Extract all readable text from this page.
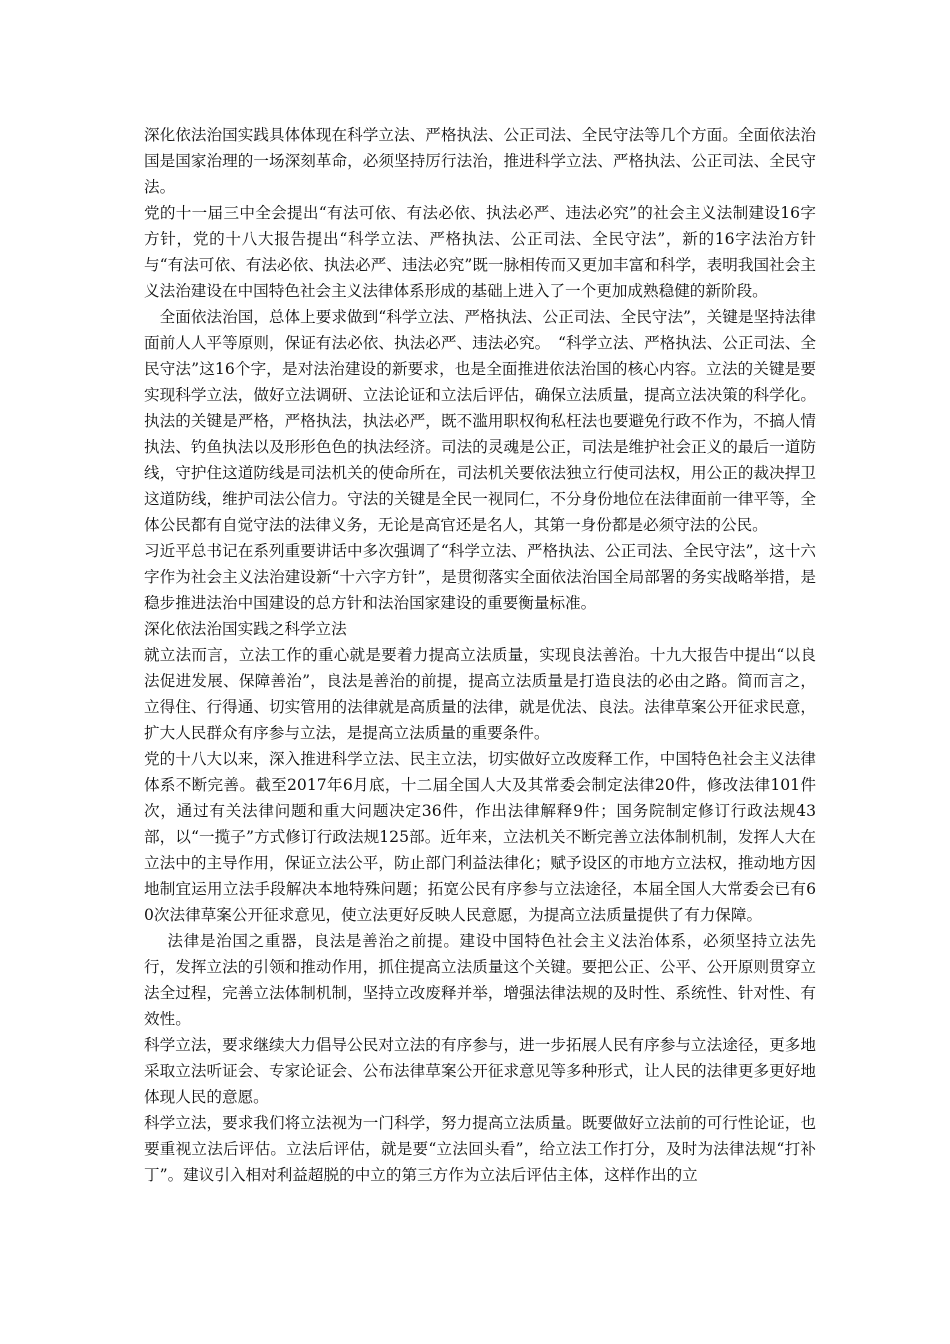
深化依法治国实践具体体现在科学立法、严格执法、公正司法、全民守法等几个方面。全面依法治国是国家治理的一场深刻革命，必须坚持厉行法治，推进科学立法、严格执法、公正司法、全民守法。

党的十一届三中全会提出“有法可依、有法必依、执法必严、违法必究”的社会主义法制建设16字方针，党的十八大报告提出“科学立法、严格执法、公正司法、全民守法”，新的16字法治方针与“有法可依、有法必依、执法必严、违法必究”既一脉相传而又更加丰富和科学，表明我国社会主义法治建设在中国特色社会主义法律体系形成的基础上进入了一个更加成熟稳健的新阶段。

全面依法治国，总体上要求做到“科学立法、严格执法、公正司法、全民守法”，关键是坚持法律面前人人平等原则，保证有法必依、执法必严、违法必究。　“科学立法、严格执法、公正司法、全民守法”这16个字，是对法治建设的新要求，也是全面推进依法治国的核心内容。立法的关键是要实现科学立法，做好立法调研、立法论证和立法后评估，确保立法质量，提高立法决策的科学化。执法的关键是严格，严格执法，执法必严，既不滥用职权徇私枉法也要避免行政不作为，不搞人情执法、钓鱼执法以及形形色色的执法经济。司法的灵魂是公正，司法是维护社会正义的最后一道防线，守护住这道防线是司法机关的使命所在，司法机关要依法独立行使司法权，用公正的裁决捍卫这道防线，维护司法公信力。守法的关键是全民一视同仁，不分身份地位在法律面前一律平等，全体公民都有自觉守法的法律义务，无论是高官还是名人，其第一身份都是必须守法的公民。

习近平总书记在系列重要讲话中多次强调了“科学立法、严格执法、公正司法、全民守法”，这十六字作为社会主义法治建设新“十六字方针”，是贯彻落实全面依法治国全局部署的务实战略举措，是稳步推进法治中国建设的总方针和法治国家建设的重要衡量标准。

深化依法治国实践之科学立法

就立法而言，立法工作的重心就是要着力提高立法质量，实现良法善治。十九大报告中提出“以良法促进发展、保障善治”，良法是善治的前提，提高立法质量是打造良法的必由之路。简而言之，立得住、行得通、切实管用的法律就是高质量的法律，就是优法、良法。法律草案公开征求民意，扩大人民群众有序参与立法，是提高立法质量的重要条件。

党的十八大以来，深入推进科学立法、民主立法，切实做好立改废释工作，中国特色社会主义法律体系不断完善。截至2017年6月底，十二届全国人大及其常委会制定法律20件，修改法律101件次，通过有关法律问题和重大问题决定36件，作出法律解释9件；国务院制定修订行政法规43部，以“一揽子”方式修订行政法规125部。近年来，立法机关不断完善立法体制机制，发挥人大在立法中的主导作用，保证立法公平，防止部门利益法律化；赋予设区的市地方立法权，推动地方因地制宜运用立法手段解决本地特殊问题；拓宽公民有序参与立法途径，本届全国人大常委会已有60次法律草案公开征求意见，使立法更好反映人民意愿，为提高立法质量提供了有力保障。

法律是治国之重器，良法是善治之前提。建设中国特色社会主义法治体系，必须坚持立法先行，发挥立法的引领和推动作用，抓住提高立法质量这个关键。要把公正、公平、公开原则贯穿立法全过程，完善立法体制机制，坚持立改废释并举，增强法律法规的及时性、系统性、针对性、有效性。

科学立法，要求继续大力倡导公民对立法的有序参与，进一步拓展人民有序参与立法途径，更多地采取立法听证会、专家论证会、公布法律草案公开征求意见等多种形式，让人民的法律更多更好地体现人民的意愿。

科学立法，要求我们将立法视为一门科学，努力提高立法质量。既要做好立法前的可行性论证，也要重视立法后评估。立法后评估，就是要“立法回头看”，给立法工作打分，及时为法律法规“打补丁”。建议引入相对利益超脱的中立的第三方作为立法后评估主体，这样作出的立
